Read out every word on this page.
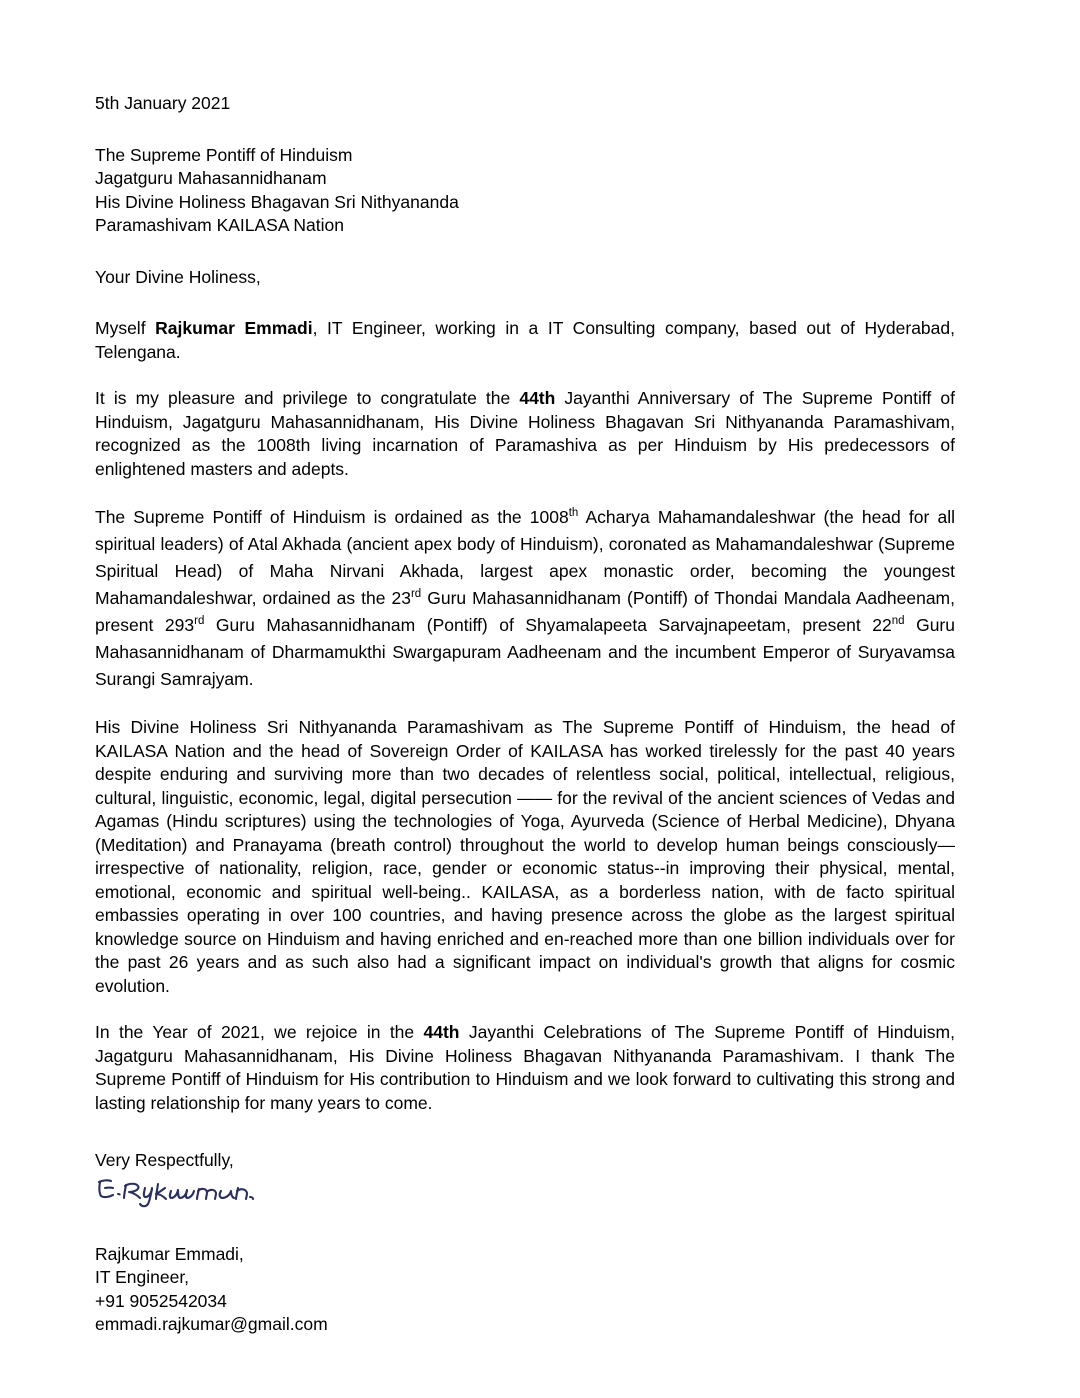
5th January 2021
The Supreme Pontiff of Hinduism
Jagatguru Mahasannidhanam
His Divine Holiness Bhagavan Sri Nithyananda
Paramashivam KAILASA Nation
Your Divine Holiness,

Myself Rajkumar Emmadi, IT Engineer, working in a IT Consulting company, based out of Hyderabad, Telengana.

It is my pleasure and privilege to congratulate the 44th Jayanthi Anniversary of The Supreme Pontiff of Hinduism, Jagatguru Mahasannidhanam, His Divine Holiness Bhagavan Sri Nithyananda Paramashivam, recognized as the 1008th living incarnation of Paramashiva as per Hinduism by His predecessors of enlightened masters and adepts.

The Supreme Pontiff of Hinduism is ordained as the 1008th Acharya Mahamandaleshwar (the head for all spiritual leaders) of Atal Akhada (ancient apex body of Hinduism), coronated as Mahamandaleshwar (Supreme Spiritual Head) of Maha Nirvani Akhada, largest apex monastic order, becoming the youngest Mahamandaleshwar, ordained as the 23rd Guru Mahasannidhanam (Pontiff) of Thondai Mandala Aadheenam, present 293rd Guru Mahasannidhanam (Pontiff) of Shyamalapeeta Sarvajnapeetam, present 22nd Guru Mahasannidhanam of Dharmamukthi Swargapuram Aadheenam and the incumbent Emperor of Suryavamsa Surangi Samrajyam.

His Divine Holiness Sri Nithyananda Paramashivam as The Supreme Pontiff of Hinduism, the head of KAILASA Nation and the head of Sovereign Order of KAILASA has worked tirelessly for the past 40 years despite enduring and surviving more than two decades of relentless social, political, intellectual, religious, cultural, linguistic, economic, legal, digital persecution —— for the revival of the ancient sciences of Vedas and Agamas (Hindu scriptures) using the technologies of Yoga, Ayurveda (Science of Herbal Medicine), Dhyana (Meditation) and Pranayama (breath control) throughout the world to develop human beings consciously—irrespective of nationality, religion, race, gender or economic status--in improving their physical, mental, emotional, economic and spiritual well-being.. KAILASA, as a borderless nation, with de facto spiritual embassies operating in over 100 countries, and having presence across the globe as the largest spiritual knowledge source on Hinduism and having enriched and en-reached more than one billion individuals over for the past 26 years and as such also had a significant impact on individual's growth that aligns for cosmic evolution.

In the Year of 2021, we rejoice in the 44th Jayanthi Celebrations of The Supreme Pontiff of Hinduism, Jagatguru Mahasannidhanam, His Divine Holiness Bhagavan Nithyananda Paramashivam. I thank The Supreme Pontiff of Hinduism for His contribution to Hinduism and we look forward to cultivating this strong and lasting relationship for many years to come.

Very Respectfully,
Rajkumar Emmadi,
IT Engineer,
+91 9052542034
emmadi.rajkumar@gmail.com
